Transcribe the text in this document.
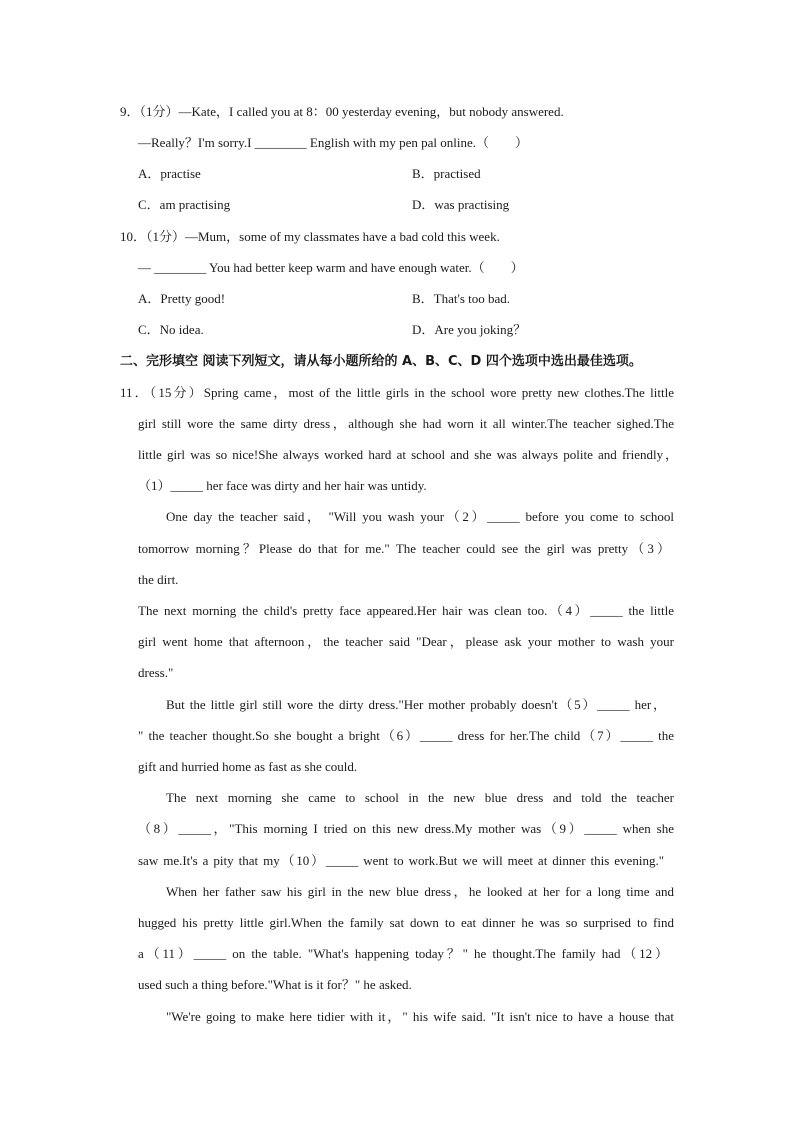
9．（1分）—Kate，I called you at 8：00 yesterday evening，but nobody answered.
—Really？I'm sorry.I ________ English with my pen pal online.（　　）
A．practise	B．practised
C．am practising	D．was practising
10．（1分）—Mum，some of my classmates have a bad cold this week.
— ________ You had better keep warm and have enough water.（　　）
A．Pretty good!	B．That's too bad.
C．No idea.	D．Are you joking？
二、完形填空 阅读下列短文，请从每小题所给的 A、B、C、D 四个选项中选出最佳选项。
11．（15分）Spring came，most of the little girls in the school wore pretty new clothes.The little
girl still wore the same dirty dress，although she had worn it all winter.The teacher sighed.The
little girl was so nice!She always worked hard at school and she was always polite and friendly，
（1）_____ her face was dirty and her hair was untidy.
One day the teacher said， "Will you wash your（2）_____ before you come to school
tomorrow morning？Please do that for me." The teacher could see the girl was pretty（3）
the dirt.
The next morning the child's pretty face appeared.Her hair was clean too.（4）_____ the little
girl went home that afternoon，the teacher said "Dear，please ask your mother to wash your
dress."
But the little girl still wore the dirty dress."Her mother probably doesn't（5）_____ her，
" the teacher thought.So she bought a bright（6）_____ dress for her.The child（7）_____ the
gift and hurried home as fast as she could.
The next morning she came to school in the new blue dress and told the teacher
（8）_____，"This morning I tried on this new dress.My mother was（9）_____ when she
saw me.It's a pity that my（10）_____ went to work.But we will meet at dinner this evening."
When her father saw his girl in the new blue dress，he looked at her for a long time and
hugged his pretty little girl.When the family sat down to eat dinner he was so surprised to find
a（11）_____ on the table. "What's happening today？" he thought.The family had（12）
used such a thing before."What is it for？" he asked.
"We're going to make here tidier with it，" his wife said. "It isn't nice to have a house that
